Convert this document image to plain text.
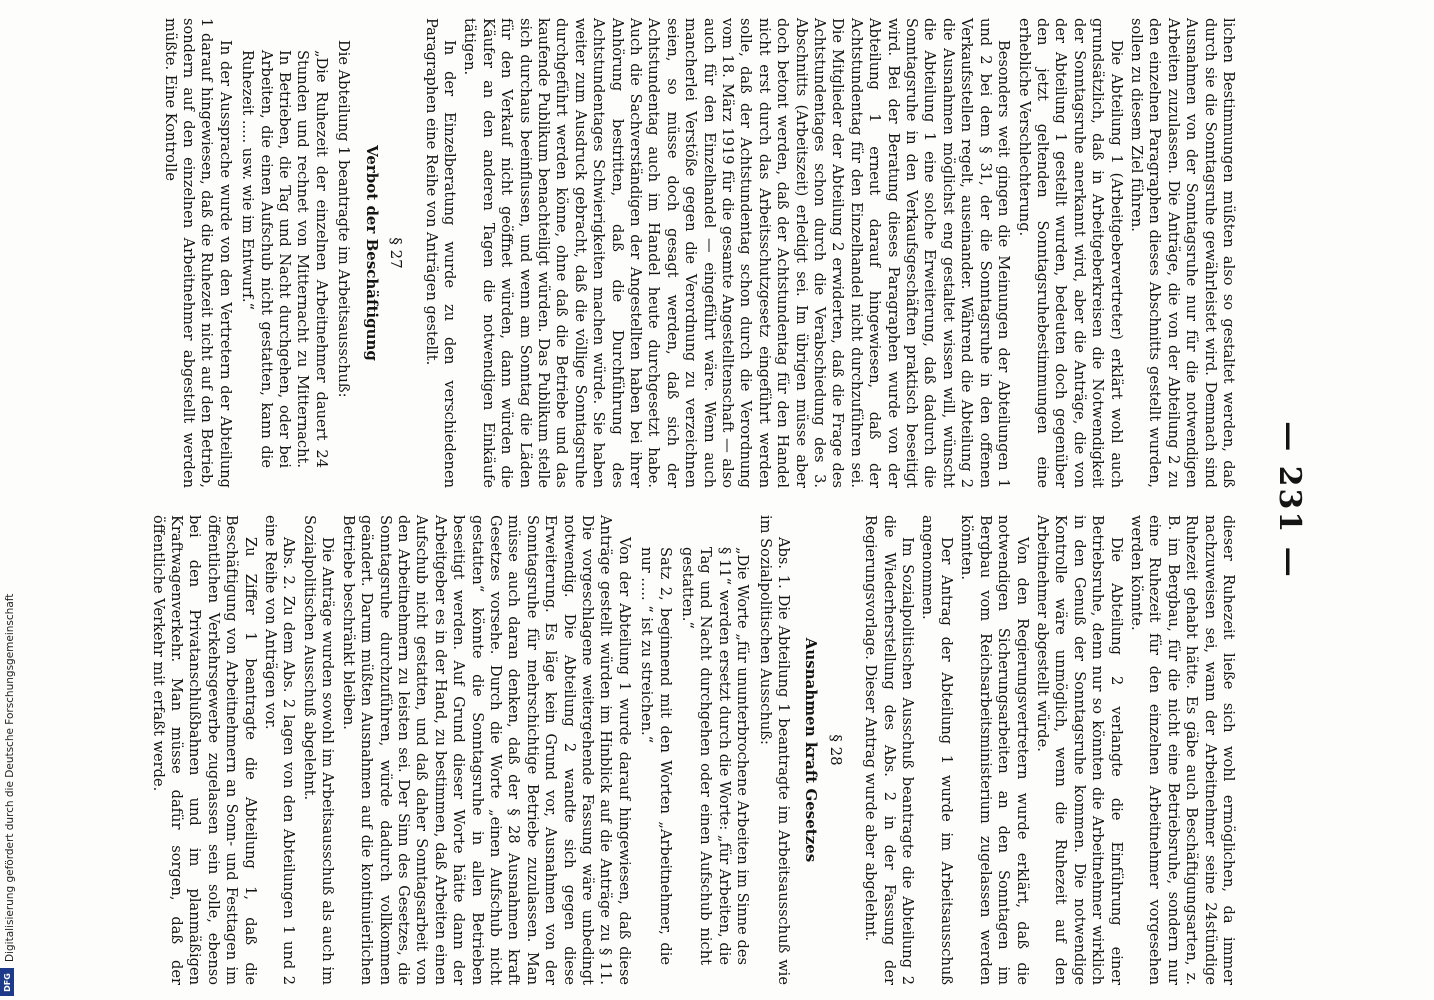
— 231 —

lichen Bestimmungen müßten also so gestaltet werden, daß durch sie die Sonntagsruhe gewährleistet wird. Demnach sind Ausnahmen von der Sonntagsruhe nur für die notwendigen Arbeiten zuzulassen. Die Anträge, die von der Abteilung 2 zu den einzelnen Paragraphen dieses Abschnitts gestellt wurden, sollen zu diesem Ziel führen.

Die Abteilung 1 (Arbeitgebervertreter) erklärt wohl auch grundsätzlich, daß in Arbeitgeberkreisen die Notwendigkeit der Sonntagsruhe anerkannt wird, aber die Anträge, die von der Abteilung 1 gestellt wurden, bedeuten doch gegenüber den jetzt geltenden Sonntagsruhebestimmungen eine erhebliche Verschlechterung.

Besonders weit gingen die Meinungen der Abteilungen 1 und 2 bei dem § 31, der die Sonntagsruhe in den offenen Verkaufsstellen regelt, auseinander. Während die Abteilung 2 die Ausnahmen möglichst eng gestaltet wissen will, wünscht die Abteilung 1 eine solche Erweiterung, daß dadurch die Sonntagsruhe in den Verkaufsgeschäften praktisch beseitigt wird. Bei der Beratung dieses Paragraphen wurde von der Abteilung 1 erneut darauf hingewiesen, daß der Achtstundentag für den Einzelhandel nicht durchzuführen sei. Die Mitglieder der Abteilung 2 erwiderten, daß die Frage des Achtstundentages schon durch die Verabschiedung des 3. Abschnitts (Arbeitszeit) erledigt sei. Im übrigen müsse aber doch betont werden, daß der Achtstundentag für den Handel nicht erst durch das Arbeitsschutzgesetz eingeführt werden solle, daß der Achtstundentag schon durch die Verordnung vom 18. März 1919 für die gesamte Angestelltenschaft — also auch für den Einzelhandel — eingeführt wäre. Wenn auch mancherlei Verstöße gegen die Verordnung zu verzeichnen seien, so müsse doch gesagt werden, daß sich der Achtstundentag auch im Handel heute durchgesetzt habe. Auch die Sachverständigen der Angestellten haben bei ihrer Anhörung bestritten, daß die Durchführung des Achtstundentages Schwierigkeiten machen würde. Sie haben weiter zum Ausdruck gebracht, daß die völlige Sonntagsruhe durchgeführt werden könne, ohne daß die Betriebe und das kaufende Publikum benachteiligt würden. Das Publikum stelle sich durchaus beeinflussen, und wenn am Sonntag die Läden für den Verkauf nicht geöffnet würden, dann würden die Käufer an den anderen Tagen die notwendigen Einkäufe tätigen.

In der Einzelberatung wurde zu den verschiedenen Paragraphen eine Reihe von Anträgen gestellt.

§ 27

Verbot der Beschäftigung

Die Abteilung 1 beantragte im Arbeitsausschuß:

„Die Ruhezeit der einzelnen Arbeitnehmer dauert 24 Stunden und rechnet von Mitternacht zu Mitternacht. In Betrieben, die Tag und Nacht durchgehen, oder bei Arbeiten, die einen Aufschub nicht gestatten, kann die Ruhezeit ..... usw. wie im Entwurf.“

In der Aussprache wurde von den Vertretern der Abteilung 1 darauf hingewiesen, daß die Ruhezeit nicht auf den Betrieb, sondern auf den einzelnen Arbeitnehmer abgestellt werden müßte. Eine Kontrolle

dieser Ruhezeit ließe sich wohl ermöglichen, da immer nachzuweisen sei, wann der Arbeitnehmer seine 24stündige Ruhezeit gehabt hätte. Es gäbe auch Beschäftigungsarten, z. B. im Bergbau, für die nicht eine Betriebsruhe, sondern nur eine Ruhezeit für den einzelnen Arbeitnehmer vorgesehen werden könnte.

Die Abteilung 2 verlangte die Einführung einer Betriebsruhe, denn nur so könnten die Arbeitnehmer wirklich in den Genuß der Sonntagsruhe kommen. Die notwendige Kontrolle wäre unmöglich, wenn die Ruhezeit auf den Arbeitnehmer abgestellt würde.

Von den Regierungsvertretern wurde erklärt, daß die notwendigen Sicherungsarbeiten an den Sonntagen im Bergbau vom Reichsarbeitsministerium zugelassen werden könnten.

Der Antrag der Abteilung 1 wurde im Arbeitsausschuß angenommen.

Im Sozialpolitischen Ausschuß beantragte die Abteilung 2 die Wiederherstellung des Abs. 2 in der Fassung der Regierungsvorlage. Dieser Antrag wurde aber abgelehnt.

§ 28

Ausnahmen kraft Gesetzes

Abs. 1. Die Abteilung 1 beantragte im Arbeitsausschuß wie im Sozialpolitischen Ausschuß:

„Die Worte „für ununterbrochene Arbeiten im Sinne des § 11“ werden ersetzt durch die Worte: „für Arbeiten, die Tag und Nacht durchgehen oder einen Aufschub nicht gestatten.“

Satz 2, beginnend mit den Worten „Arbeitnehmer, die nur ..... “ ist zu streichen.“

Von der Abteilung 1 wurde darauf hingewiesen, daß diese Anträge gestellt würden im Hinblick auf die Anträge zu § 11. Die vorgeschlagene weitergehende Fassung wäre unbedingt notwendig. Die Abteilung 2 wandte sich gegen diese Erweiterung. Es läge kein Grund vor, Ausnahmen von der Sonntagsruhe für mehrschichtige Betriebe zuzulassen. Man müsse auch daran denken, daß der § 28 Ausnahmen kraft Gesetzes vorsehe. Durch die Worte „einen Aufschub nicht gestatten“ könnte die Sonntagsruhe in allen Betrieben beseitigt werden. Auf Grund dieser Worte hätte dann der Arbeitgeber es in der Hand, zu bestimmen, daß Arbeiten einen Aufschub nicht gestatten, und daß daher Sonntagsarbeit von den Arbeitnehmern zu leisten sei. Der Sinn des Gesetzes, die Sonntagsruhe durchzuführen, würde dadurch vollkommen geändert. Darum müßten Ausnahmen auf die kontinuierlichen Betriebe beschränkt bleiben.

Die Anträge wurden sowohl im Arbeitsausschuß als auch im Sozialpolitischen Ausschuß abgelehnt.

Abs. 2. Zu dem Abs. 2 lagen von den Abteilungen 1 und 2 eine Reihe von Anträgen vor.

Zu Ziffer 1 beantragte die Abteilung 1, daß die Beschäftigung von Arbeitnehmern an Sonn- und Festtagen im öffentlichen Verkehrsgewerbe zugelassen sein solle, ebenso bei den Privatanschlußbahnen und im planmäßigen Kraftwagenverkehr. Man müsse dafür sorgen, daß der öffentliche Verkehr mit erfaßt werde.

Digitalisierung gefördert durch die Deutsche Forschungsgemeinschaft
DFG
